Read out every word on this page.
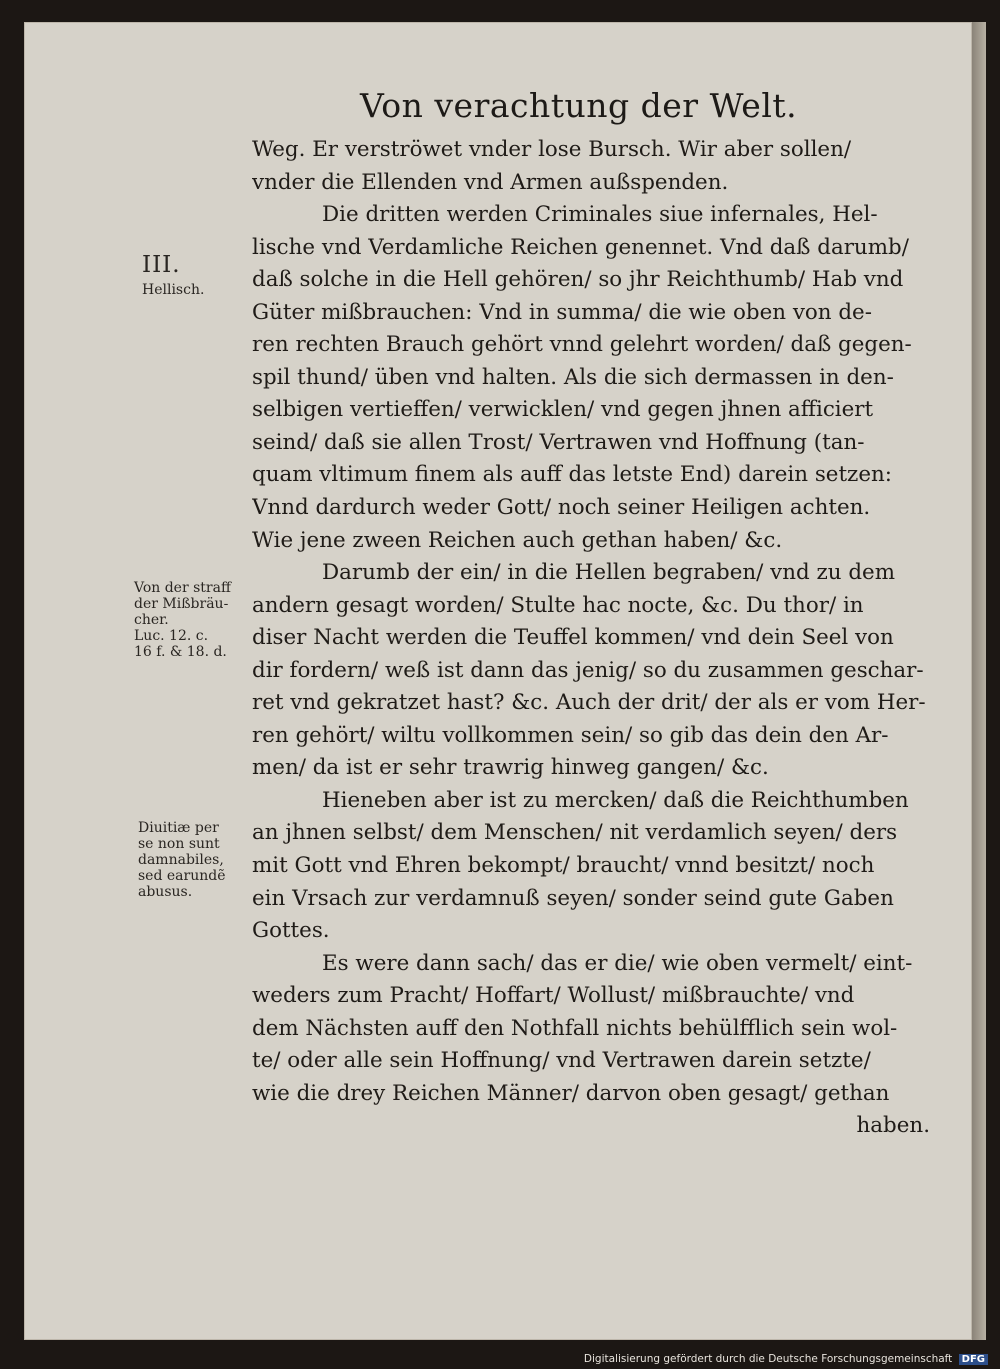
Von verachtung der Welt.
Weg. Er verströwet vnder lose Bursch. Wir aber sollen/
vnder die Ellenden vnd Armen außspenden.
Die dritten werden Criminales siue infernales, Hel-
lische vnd Verdamliche Reichen genennet. Vnd daß darumb/
daß solche in die Hell gehören/ so jhr Reichthumb/ Hab vnd
Güter mißbrauchen: Vnd in summa/ die wie oben von de-
ren rechten Brauch gehört vnnd gelehrt worden/ daß gegen-
spil thund/ üben vnd halten. Als die sich dermassen in den-
selbigen vertieffen/ verwicklen/ vnd gegen jhnen afficiert
seind/ daß sie allen Trost/ Vertrawen vnd Hoffnung (tan-
quam vltimum finem als auff das letste End) darein setzen:
Vnnd dardurch weder Gott/ noch seiner Heiligen achten.
Wie jene zween Reichen auch gethan haben/ &c.
Darumb der ein/ in die Hellen begraben/ vnd zu dem
andern gesagt worden/ Stulte hac nocte, &c. Du thor/ in
diser Nacht werden die Teuffel kommen/ vnd dein Seel von
dir fordern/ weß ist dann das jenig/ so du zusammen geschar-
ret vnd gekratzet hast? &c. Auch der drit/ der als er vom Her-
ren gehört/ wiltu vollkommen sein/ so gib das dein den Ar-
men/ da ist er sehr trawrig hinweg gangen/ &c.
Hieneben aber ist zu mercken/ daß die Reichthumben
an jhnen selbst/ dem Menschen/ nit verdamlich seyen/ ders
mit Gott vnd Ehren bekompt/ braucht/ vnnd besitzt/ noch
ein Vrsach zur verdamnuß seyen/ sonder seind gute Gaben
Gottes.
Es were dann sach/ das er die/ wie oben vermelt/ eint-
weders zum Pracht/ Hoffart/ Wollust/ mißbrauchte/ vnd
dem Nächsten auff den Nothfall nichts behülfflich sein wol-
te/ oder alle sein Hoffnung/ vnd Vertrawen darein setzte/
wie die drey Reichen Männer/ darvon oben gesagt/ gethan
haben.
III.
Hellisch.
Von der straff
der Mißbräu-
cher.
Luc. 12. c.
16 f. & 18. d.
Diuitiæ per
se non sunt
damnabiles,
sed earundẽ
abusus.
Digitalisierung gefördert durch die Deutsche Forschungsgemeinschaft DFG
